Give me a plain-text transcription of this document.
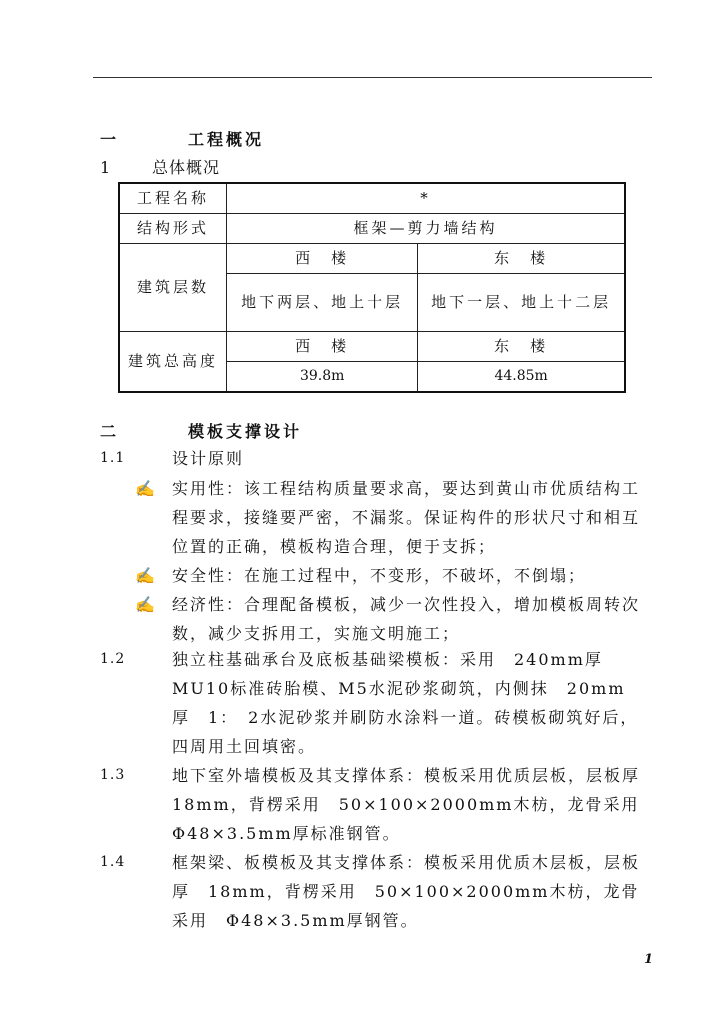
一	工程概况
1	总体概况
工程名称	*	
结构形式	框架—剪力墙结构	
建筑层数	西　楼	东　楼
	地下两层、地上十层	地下一层、地上十二层
建筑总高度	西　楼	东　楼
	39.8m	44.85m
二	模板支撑设计
1.1	设计原则
✍ 实用性：该工程结构质量要求高，要达到黄山市优质结构工程要求，接缝要严密，不漏浆。保证构件的形状尺寸和相互位置的正确，模板构造合理，便于支拆；
✍ 安全性：在施工过程中，不变形，不破坏，不倒塌；
✍ 经济性：合理配备模板，减少一次性投入，增加模板周转次数，减少支拆用工，实施文明施工；
1.2	独立柱基础承台及底板基础梁模板：采用　240mm厚MU10标准砖胎模、M5水泥砂浆砌筑，内侧抹　20mm厚　1：　2水泥砂浆并刷防水涂料一道。砖模板砌筑好后，四周用土回填密。
1.3	地下室外墙模板及其支撑体系：模板采用优质层板，层板厚　18mm，背楞采用　50×100×2000mm木枋，龙骨采用　Φ48×3.5mm厚标准钢管。
1.4	框架梁、板模板及其支撑体系：模板采用优质木层板，层板厚　18mm，背楞采用　50×100×2000mm木枋，龙骨采用　Φ48×3.5mm厚钢管。
1
